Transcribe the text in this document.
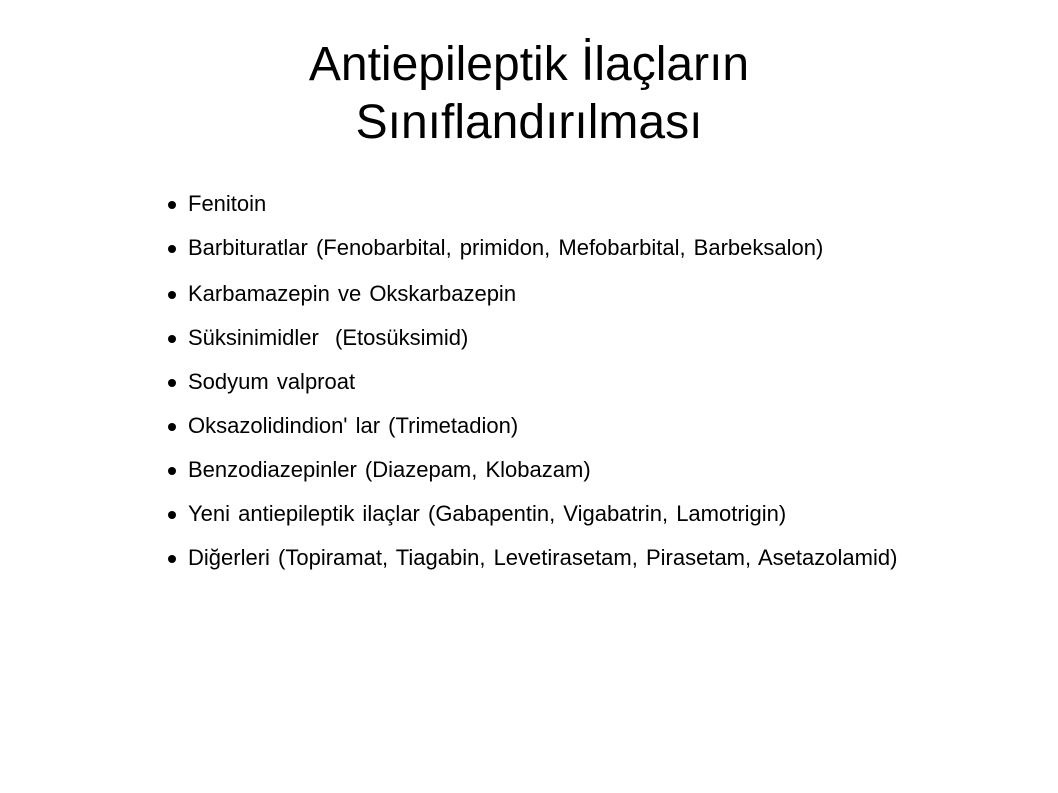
Antiepileptik İlaçların
Sınıflandırılması
Fenitoin
Barbituratlar (Fenobarbital, primidon, Mefobarbital, Barbeksalon)
Karbamazepin ve Okskarbazepin
Süksinimidler  (Etosüksimid)
Sodyum valproat
Oksazolidindion' lar (Trimetadion)
Benzodiazepinler (Diazepam, Klobazam)
Yeni antiepileptik ilaçlar (Gabapentin, Vigabatrin, Lamotrigin)
Diğerleri (Topiramat, Tiagabin, Levetirasetam, Pirasetam, Asetazolamid)
